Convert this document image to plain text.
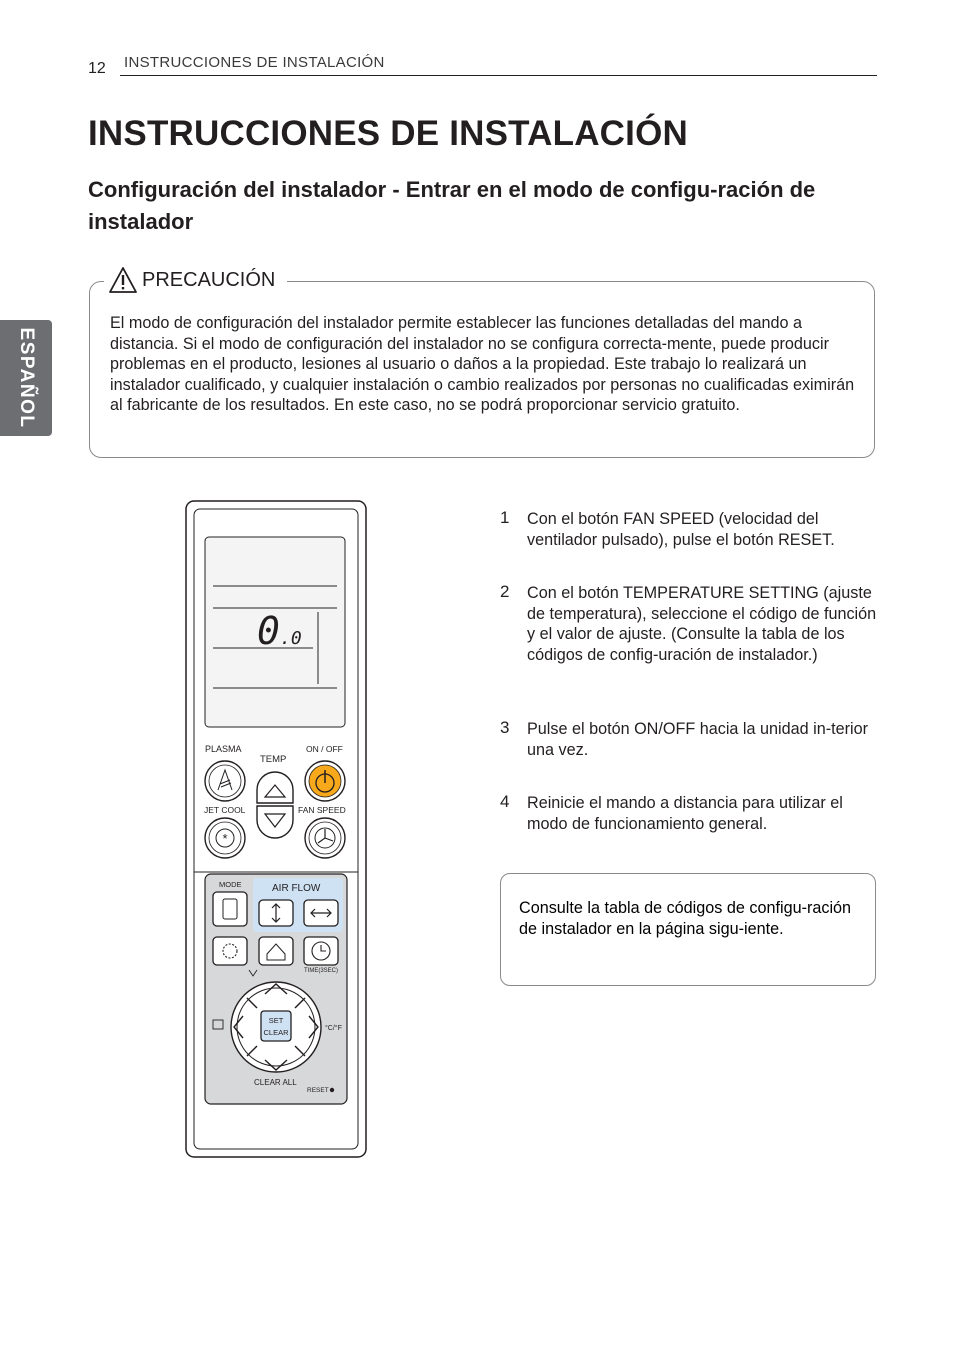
12 INSTRUCCIONES DE INSTALACIÓN
ESPAÑOL
INSTRUCCIONES DE INSTALACIÓN
Configuración del instalador - Entrar en el modo de configu-ración de instalador
PRECAUCIÓN
El modo de configuración del instalador permite establecer las funciones detalladas del mando a distancia. Si el modo de configuración del instalador no se configura correcta-mente, puede producir problemas en el producto, lesiones al usuario o daños a la propiedad. Este trabajo lo realizará un instalador cualificado, y cualquier instalación o cambio realizados por personas no cualificadas eximirán al fabricante de los resultados. En este caso, no se podrá proporcionar servicio gratuito.
0 .0
PLASMA	ON / OFF
TEMP
JET COOL	FAN SPEED
*
MODE	AIR FLOW
TIME(3SEC)
SET
CLEAR	°C/°F
CLEAR ALL
RESET
1 Con el botón FAN SPEED (velocidad del ventilador pulsado), pulse el botón RESET.
2 Con el botón TEMPERATURE SETTING (ajuste de temperatura), seleccione el código de función y el valor de ajuste. (Consulte la tabla de los códigos de config-uración de instalador.)
3 Pulse el botón ON/OFF hacia la unidad in-terior una vez.
4 Reinicie el mando a distancia para utilizar el modo de funcionamiento general.
Consulte la tabla de códigos de configu-ración de instalador en la página sigu-iente.
